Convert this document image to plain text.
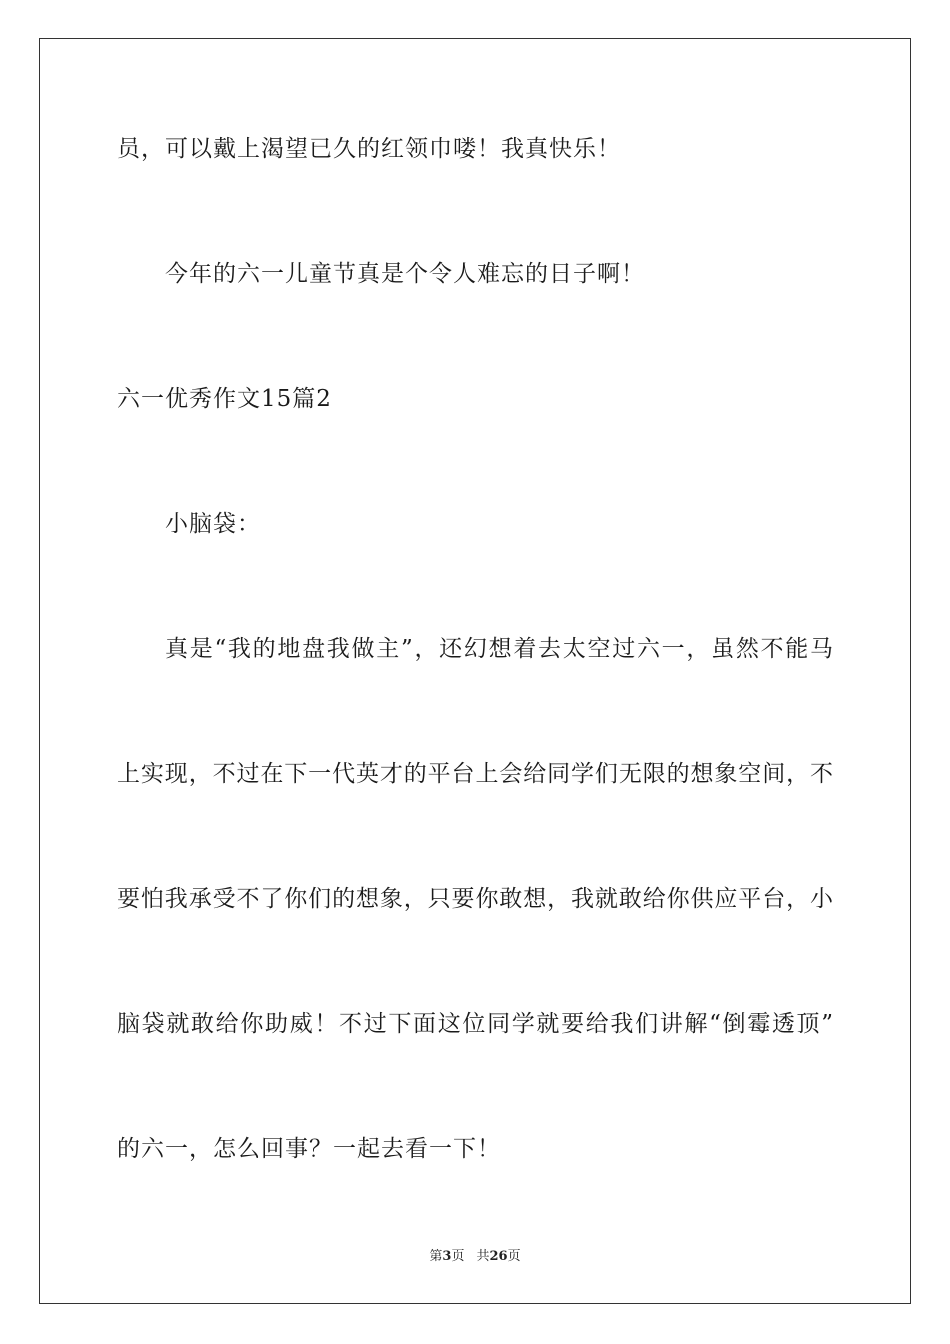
员，可以戴上渴望已久的红领巾喽！我真快乐！
今年的六一儿童节真是个令人难忘的日子啊！
六一优秀作文15篇2
小脑袋：
真是“我的地盘我做主”，还幻想着去太空过六一，虽然不能马
上实现，不过在下一代英才的平台上会给同学们无限的想象空间，不
要怕我承受不了你们的想象，只要你敢想，我就敢给你供应平台，小
脑袋就敢给你助威！不过下面这位同学就要给我们讲解“倒霉透顶”
的六一，怎么回事？一起去看一下！
第3页 共26页
